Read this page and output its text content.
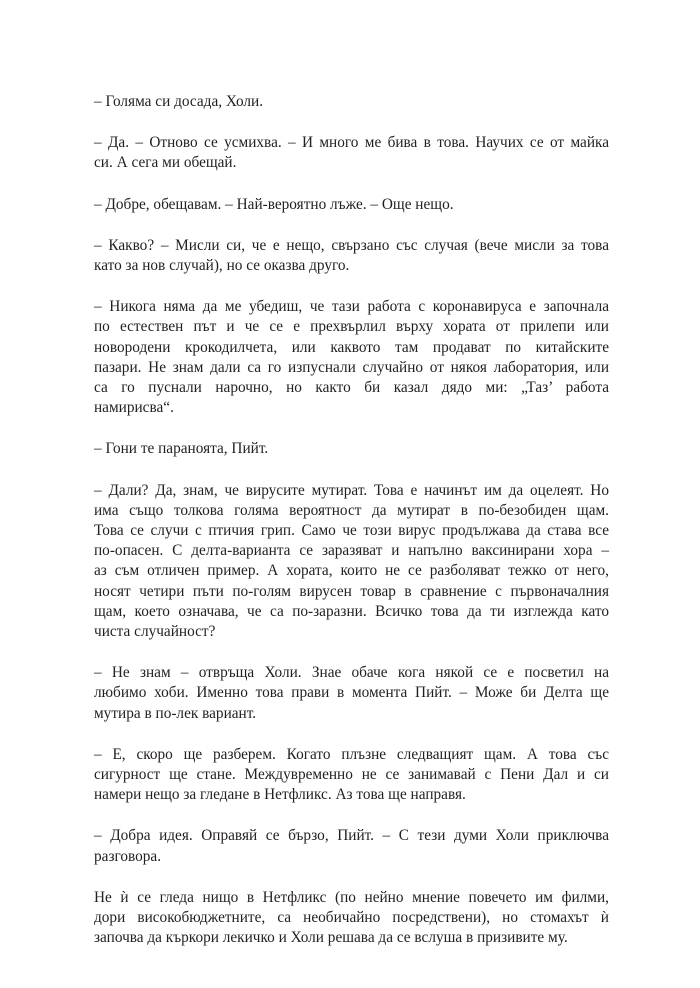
– Голяма си досада, Холи.
– Да. – Отново се усмихва. – И много ме бива в това. Научих се от майка
си. А сега ми обещай.
– Добре, обещавам. – Най-вероятно лъже. – Още нещо.
– Какво? – Мисли си, че е нещо, свързано със случая (вече мисли за това
като за нов случай), но се оказва друго.
– Никога няма да ме убедиш, че тази работа с коронавируса е започнала
по естествен път и че се е прехвърлил върху хората от прилепи или
новородени крокодилчета, или каквото там продават по китайските
пазари. Не знам дали са го изпуснали случайно от някоя лаборатория, или
са го пуснали нарочно, но както би казал дядо ми: „Таз’ работа
намирисва“.
– Гони те параноята, Пийт.
– Дали? Да, знам, че вирусите мутират. Това е начинът им да оцелеят. Но
има също толкова голяма вероятност да мутират в по-безобиден щам.
Това се случи с птичия грип. Само че този вирус продължава да става все
по-опасен. С делта-варианта се заразяват и напълно ваксинирани хора –
аз съм отличен пример. А хората, които не се разболяват тежко от него,
носят четири пъти по-голям вирусен товар в сравнение с първоначалния
щам, което означава, че са по-заразни. Всичко това да ти изглежда като
чиста случайност?
– Не знам – отвръща Холи. Знае обаче кога някой се е посветил на
любимо хоби. Именно това прави в момента Пийт. – Може би Делта ще
мутира в по-лек вариант.
– Е, скоро ще разберем. Когато плъзне следващият щам. А това със
сигурност ще стане. Междувременно не се занимавай с Пени Дал и си
намери нещо за гледане в Нетфликс. Аз това ще направя.
– Добра идея. Оправяй се бързо, Пийт. – С тези думи Холи приключва
разговора.
Не ѝ се гледа нищо в Нетфликс (по нейно мнение повечето им филми,
дори високобюджетните, са необичайно посредствени), но стомахът ѝ
започва да къркори лекичко и Холи решава да се вслуша в призивите му.
